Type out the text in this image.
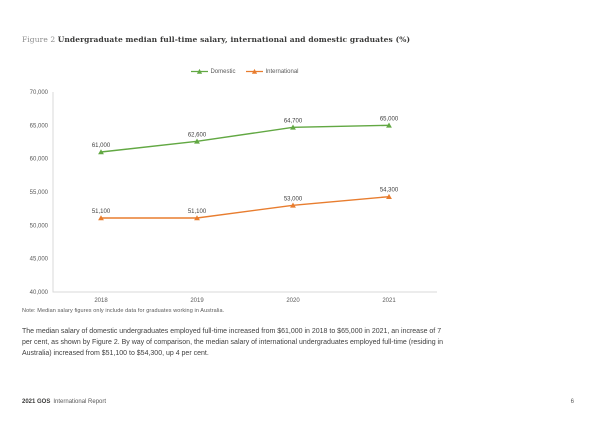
Figure 2 Undergraduate median full-time salary, international and domestic graduates (%)
Domestic	International
40,000
45,000
50,000
55,000
60,000
65,000
70,000
2018	2019	2020	2021
61,000
62,600
64,700	65,000
51,100	51,100
53,000
54,300
Note: Median salary figures only include data for graduates working in Australia.
The median salary of domestic undergraduates employed full-time increased from $61,000 in 2018 to $65,000 in 2021, an increase of 7 per cent, as shown by Figure 2. By way of comparison, the median salary of international undergraduates employed full-time (residing in Australia) increased from $51,100 to $54,300, up 4 per cent.
2021 GOS International Report	6
